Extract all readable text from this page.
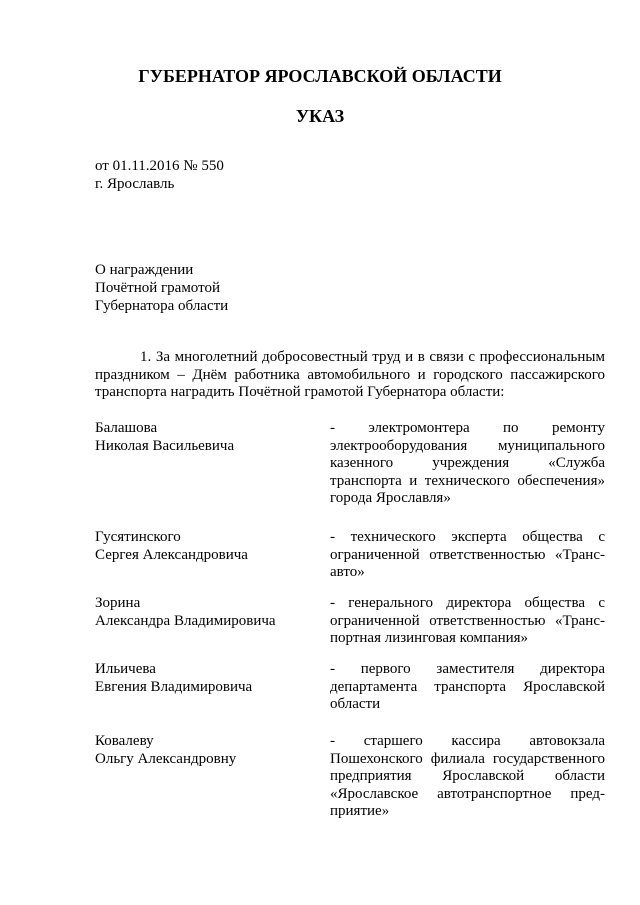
ГУБЕРНАТОР ЯРОСЛАВСКОЙ ОБЛАСТИ
УКАЗ
от 01.11.2016 № 550
г. Ярославль
О награждении
Почётной грамотой
Губернатора области
1. За многолетний добросовестный труд и в связи с профессиональным праздником – Днём работника автомобильного и городского пассажирского транспорта наградить Почётной грамотой Губернатора области:
Балашова
Николая Васильевича
- электромонтера по ремонту электрооборудования муниципального казенного учреждения «Служба транспорта и технического обеспечения» города Ярославля»
Гусятинского
Сергея Александровича
- технического эксперта общества с ограниченной ответственностью «Транс-авто»
Зорина
Александра Владимировича
- генерального директора общества с ограниченной ответственностью «Транс-портная лизинговая компания»
Ильичева
Евгения Владимировича
- первого заместителя директора департамента транспорта Ярославской области
Ковалеву
Ольгу Александровну
- старшего кассира автовокзала Пошехонского филиала государственного предприятия Ярославской области «Ярославское автотранспортное пред-приятие»
